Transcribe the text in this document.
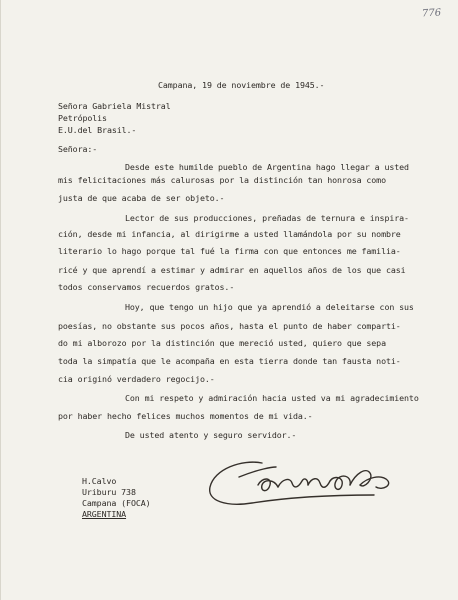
776
Campana, 19 de noviembre de 1945.-
Señora Gabriela Mistral
Petrópolis
E.U.del Brasil.-
Señora:-
Desde este humilde pueblo de Argentina hago llegar a usted
mis felicitaciones más calurosas por la distinción tan honrosa como
justa de que acaba de ser objeto.-
Lector de sus producciones, preñadas de ternura e inspira-
ción, desde mi infancia, al dirigirme a usted llamándola por su nombre
literario lo hago porque tal fué la firma con que entonces me familia-
ricé y que aprendí a estimar y admirar en aquellos años de los que casi
todos conservamos recuerdos gratos.-
Hoy, que tengo un hijo que ya aprendió a deleitarse con sus
poesías, no obstante sus pocos años, hasta el punto de haber comparti-
do mi alborozo por la distinción que mereció usted, quiero que sepa
toda la simpatía que le acompaña en esta tierra donde tan fausta noti-
cia originó verdadero regocijo.-
Con mi respeto y admiración hacia usted va mi agradecimiento
por haber hecho felices muchos momentos de mi vida.-
De usted atento y seguro servidor.-
H.Calvo
Uriburu 738
Campana (FOCA)
ARGENTINA
